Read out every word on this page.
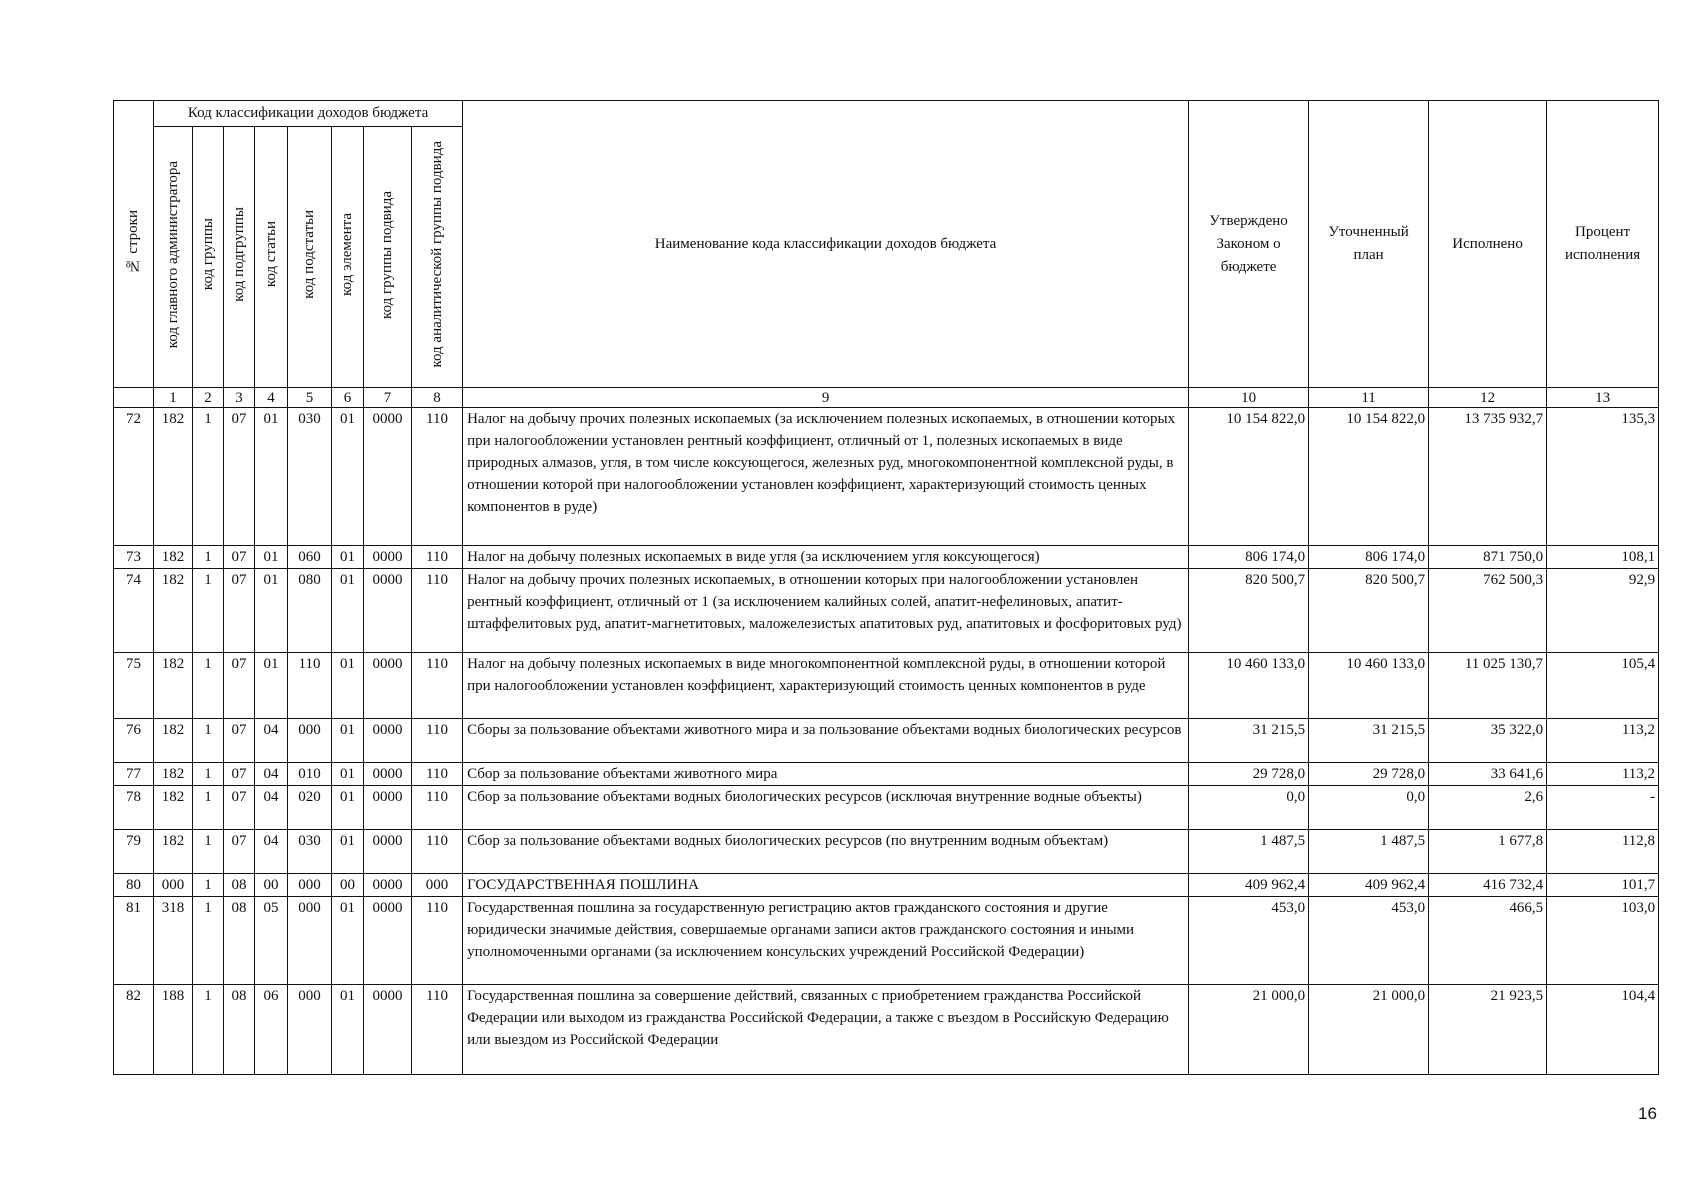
№ строки	Код классификации доходов бюджета								Наименование кода классификации доходов бюджета	Утверждено Законом о бюджете	Уточненный план	Исполнено	Процент исполнения
	код главного администратора	код группы	код подгруппы	код статьи	код подстатьи	код элемента	код группы подвида	код аналитической группы подвида					
	1	2	3	4	5	6	7	8	9	10	11	12	13
72	182	1	07	01	030	01	0000	110	Налог на добычу прочих полезных ископаемых (за исключением полезных ископаемых, в отношении которых при налогообложении установлен рентный коэффициент, отличный от 1, полезных ископаемых в виде природных алмазов, угля, в том числе коксующегося, железных руд, многокомпонентной комплексной руды, в отношении которой при налогообложении установлен коэффициент, характеризующий стоимость ценных компонентов в руде)	10 154 822,0	10 154 822,0	13 735 932,7	135,3
73	182	1	07	01	060	01	0000	110	Налог на добычу полезных ископаемых в виде угля (за исключением угля коксующегося)	806 174,0	806 174,0	871 750,0	108,1
74	182	1	07	01	080	01	0000	110	Налог на добычу прочих полезных ископаемых, в отношении которых при налогообложении установлен рентный коэффициент, отличный от 1 (за исключением калийных солей, апатит-нефелиновых, апатит-штаффелитовых руд, апатит-магнетитовых, маложелезистых апатитовых руд, апатитовых и фосфоритовых руд)	820 500,7	820 500,7	762 500,3	92,9
75	182	1	07	01	110	01	0000	110	Налог на добычу полезных ископаемых в виде многокомпонентной комплексной руды, в отношении которой при налогообложении установлен коэффициент, характеризующий стоимость ценных компонентов в руде	10 460 133,0	10 460 133,0	11 025 130,7	105,4
76	182	1	07	04	000	01	0000	110	Сборы за пользование объектами животного мира и за пользование объектами водных биологических ресурсов	31 215,5	31 215,5	35 322,0	113,2
77	182	1	07	04	010	01	0000	110	Сбор за пользование объектами животного мира	29 728,0	29 728,0	33 641,6	113,2
78	182	1	07	04	020	01	0000	110	Сбор за пользование объектами водных биологических ресурсов (исключая внутренние водные объекты)	0,0	0,0	2,6	-
79	182	1	07	04	030	01	0000	110	Сбор за пользование объектами водных биологических ресурсов (по внутренним водным объектам)	1 487,5	1 487,5	1 677,8	112,8
80	000	1	08	00	000	00	0000	000	ГОСУДАРСТВЕННАЯ ПОШЛИНА	409 962,4	409 962,4	416 732,4	101,7
81	318	1	08	05	000	01	0000	110	Государственная пошлина за государственную регистрацию актов гражданского состояния и другие юридически значимые действия, совершаемые органами записи актов гражданского состояния и иными уполномоченными органами (за исключением консульских учреждений Российской Федерации)	453,0	453,0	466,5	103,0
82	188	1	08	06	000	01	0000	110	Государственная пошлина за совершение действий, связанных с приобретением гражданства Российской Федерации или выходом из гражданства Российской Федерации, а также с въездом в Российскую Федерацию или выездом из Российской Федерации	21 000,0	21 000,0	21 923,5	104,4
16
